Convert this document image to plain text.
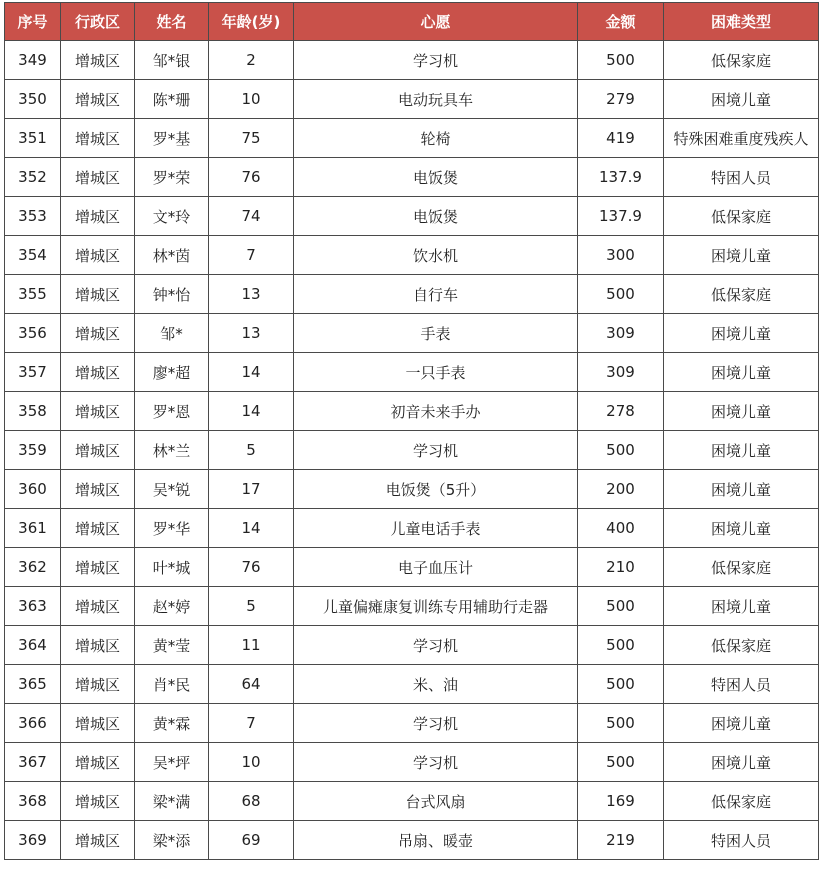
序号	行政区	姓名	年龄(岁)	心愿	金额	困难类型
349	增城区	邹*银	2	学习机	500	低保家庭
350	增城区	陈*珊	10	电动玩具车	279	困境儿童
351	增城区	罗*基	75	轮椅	419	特殊困难重度残疾人
352	增城区	罗*荣	76	电饭煲	137.9	特困人员
353	增城区	文*玲	74	电饭煲	137.9	低保家庭
354	增城区	林*茵	7	饮水机	300	困境儿童
355	增城区	钟*怡	13	自行车	500	低保家庭
356	增城区	邹*	13	手表	309	困境儿童
357	增城区	廖*超	14	一只手表	309	困境儿童
358	增城区	罗*恩	14	初音未来手办	278	困境儿童
359	增城区	林*兰	5	学习机	500	困境儿童
360	增城区	吴*锐	17	电饭煲（5升）	200	困境儿童
361	增城区	罗*华	14	儿童电话手表	400	困境儿童
362	增城区	叶*城	76	电子血压计	210	低保家庭
363	增城区	赵*婷	5	儿童偏瘫康复训练专用辅助行走器	500	困境儿童
364	增城区	黄*莹	11	学习机	500	低保家庭
365	增城区	肖*民	64	米、油	500	特困人员
366	增城区	黄*霖	7	学习机	500	困境儿童
367	增城区	吴*坪	10	学习机	500	困境儿童
368	增城区	梁*满	68	台式风扇	169	低保家庭
369	增城区	梁*添	69	吊扇、暖壶	219	特困人员
